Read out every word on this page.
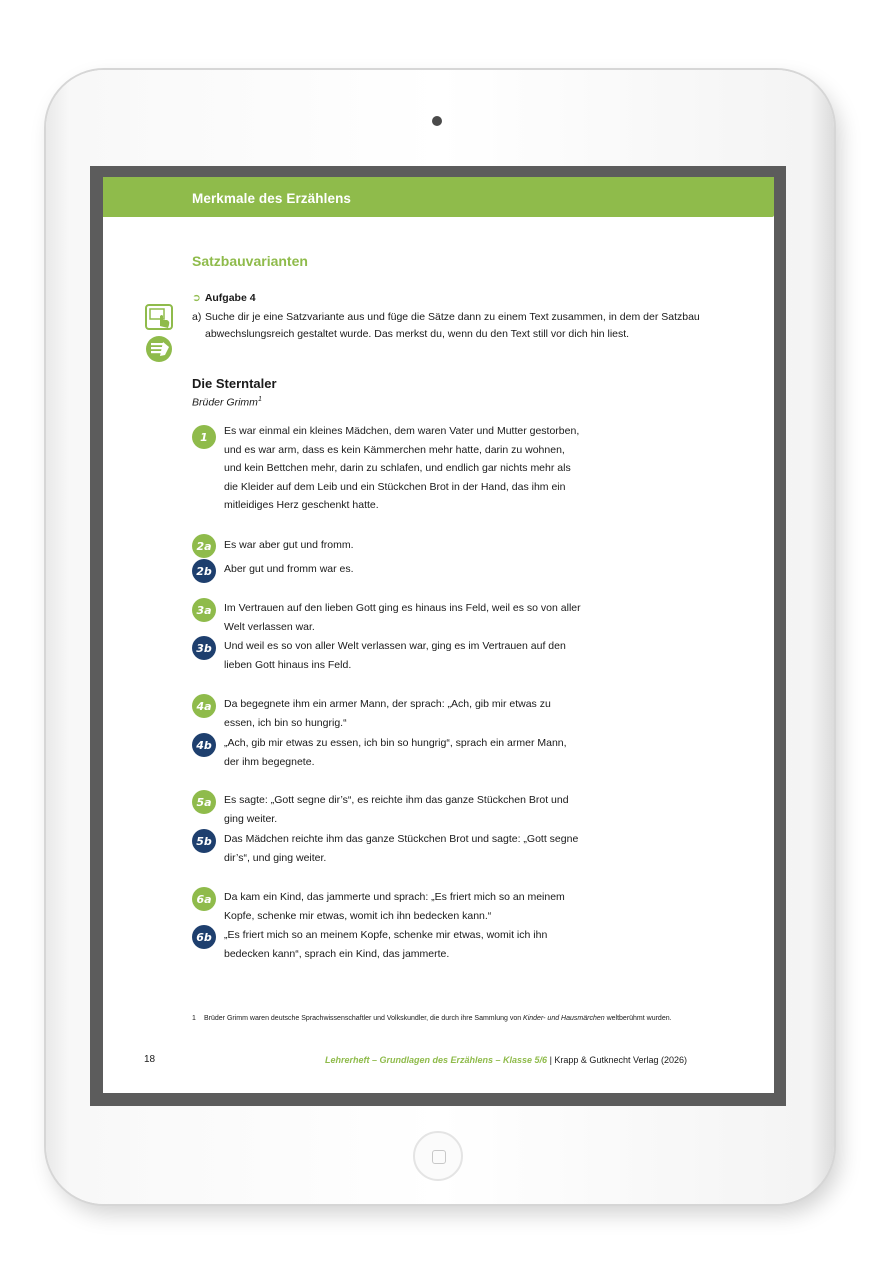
Merkmale des Erzählens
Satzbauvarianten
➲ Aufgabe 4
a) Suche dir je eine Satzvariante aus und füge die Sätze dann zu einem Text zusammen, in dem der Satzbau abwechslungsreich gestaltet wurde. Das merkst du, wenn du den Text still vor dich hin liest.
Die Sterntaler
Brüder Grimm$^1$
1	Es war einmal ein kleines Mädchen, dem waren Vater und Mutter gestorben, und es war arm, dass es kein Kämmerchen mehr hatte, darin zu wohnen, und kein Bettchen mehr, darin zu schlafen, und endlich gar nichts mehr als die Kleider auf dem Leib und ein Stückchen Brot in der Hand, das ihm ein mitleidiges Herz geschenkt hatte.
2a	Es war aber gut und fromm.
2b	Aber gut und fromm war es.
3a	Im Vertrauen auf den lieben Gott ging es hinaus ins Feld, weil es so von aller Welt verlassen war.
3b	Und weil es so von aller Welt verlassen war, ging es im Vertrauen auf den lieben Gott hinaus ins Feld.
4a	Da begegnete ihm ein armer Mann, der sprach: „Ach, gib mir etwas zu essen, ich bin so hungrig.“
4b	„Ach, gib mir etwas zu essen, ich bin so hungrig“, sprach ein armer Mann, der ihm begegnete.
5a	Es sagte: „Gott segne dir’s“, es reichte ihm das ganze Stückchen Brot und ging weiter.
5b	Das Mädchen reichte ihm das ganze Stückchen Brot und sagte: „Gott segne dir’s“, und ging weiter.
6a	Da kam ein Kind, das jammerte und sprach: „Es friert mich so an meinem Kopfe, schenke mir etwas, womit ich ihn bedecken kann.“
6b	„Es friert mich so an meinem Kopfe, schenke mir etwas, womit ich ihn bedecken kann“, sprach ein Kind, das jammerte.
1	Brüder Grimm waren deutsche Sprachwissenschaftler und Volkskundler, die durch ihre Sammlung von Kinder- und Hausmärchen weltberühmt wurden.
18	Lehrerheft – Grundlagen des Erzählens – Klasse 5/6 | Krapp & Gutknecht Verlag (2026)
